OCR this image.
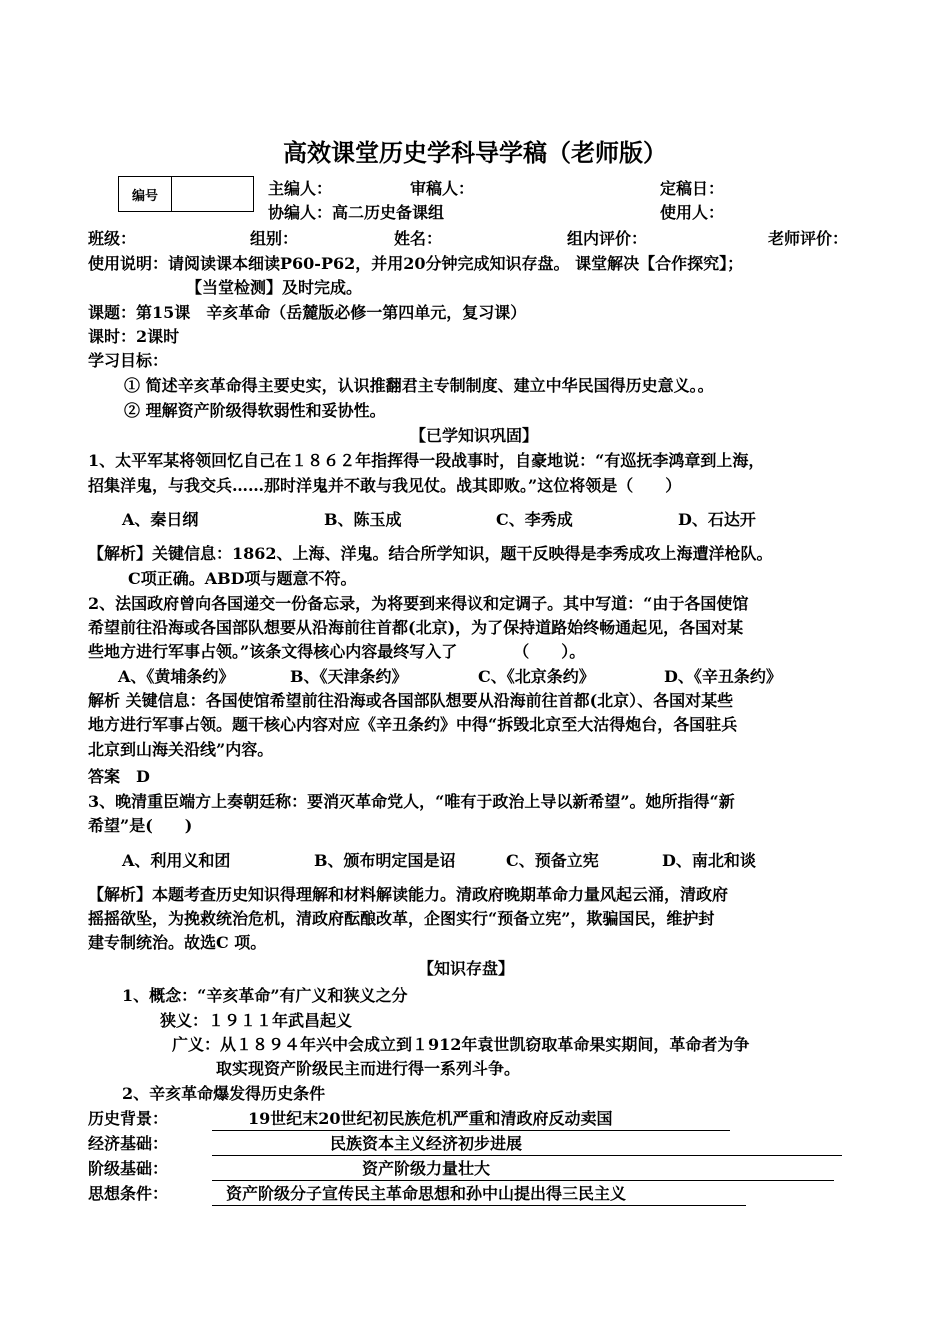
高效课堂历史学科导学稿（老师版）
编号	主编人：	审稿人：	定稿日：
协编人：高二历史备课组	使用人：
班级：	组别：	姓名：	组内评价：	老师评价：
使用说明：请阅读课本细读P60-P62，并用20分钟完成知识存盘。 课堂解决【合作探究】；
【当堂检测】及时完成。
课题：第15课　辛亥革命（岳麓版必修一第四单元，复习课）
课时：2课时
学习目标：
① 简述辛亥革命得主要史实，认识推翻君主专制制度、建立中华民国得历史意义。。
② 理解资产阶级得软弱性和妥协性。
【已学知识巩固】
1、太平军某将领回忆自己在１８６２年指挥得一段战事时，自豪地说：“有巡抚李鸿章到上海，
招集洋鬼，与我交兵……那时洋鬼并不敢与我见仗。战其即败。”这位将领是（　　）
A、秦日纲	B、陈玉成	C、李秀成	D、石达开
【解析】关键信息：1862、上海、洋鬼。结合所学知识，题干反映得是李秀成攻上海遭洋枪队。
C项正确。ABD项与题意不符。
2、法国政府曾向各国递交一份备忘录，为将要到来得议和定调子。其中写道：“由于各国使馆
希望前往沿海或各国部队想要从沿海前往首都(北京)，为了保持道路始终畅通起见，各国对某
些地方进行军事占领。”该条文得核心内容最终写入了　　　　（　　）。
A、《黄埔条约》	B、《天津条约》	C、《北京条约》	D、《辛丑条约》
解析 关键信息：各国使馆希望前往沿海或各国部队想要从沿海前往首都(北京）、各国对某些
地方进行军事占领。题干核心内容对应《辛丑条约》中得“拆毁北京至大沽得炮台，各国驻兵
北京到山海关沿线”内容。
答案　D
3、晚清重臣端方上奏朝廷称：要消灭革命党人，“唯有于政治上导以新希望”。她所指得“新
希望”是(　　)
A、利用义和团	B、颁布明定国是诏	C、预备立宪	D、南北和谈
【解析】本题考查历史知识得理解和材料解读能力。清政府晚期革命力量风起云涌，清政府
摇摇欲坠，为挽救统治危机，清政府酝酿改革，企图实行“预备立宪”，欺骗国民，维护封
建专制统治。故选C 项。
【知识存盘】
1、概念：“辛亥革命”有广义和狭义之分
狭义：１９１１年武昌起义
广义：从１８９４年兴中会成立到１912年袁世凯窃取革命果实期间，革命者为争
取实现资产阶级民主而进行得一系列斗争。
2、辛亥革命爆发得历史条件
历史背景：	19世纪末20世纪初民族危机严重和清政府反动卖国
经济基础：	民族资本主义经济初步进展
阶级基础：	资产阶级力量壮大
思想条件：	资产阶级分子宣传民主革命思想和孙中山提出得三民主义
